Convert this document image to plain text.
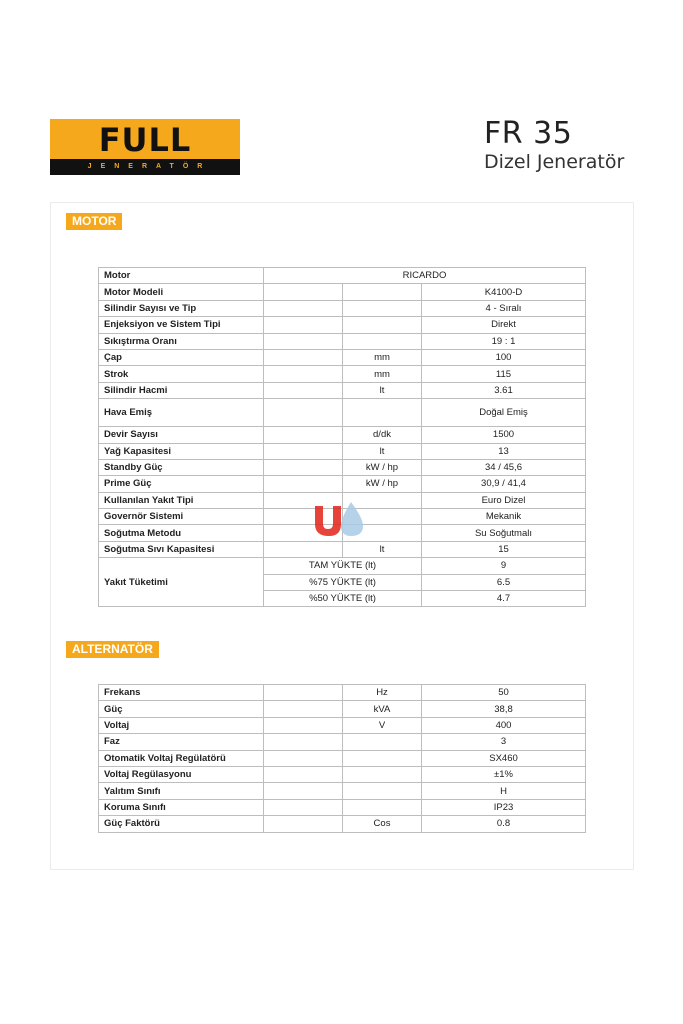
FULL
JENERATÖR
FR 35
Dizel Jeneratör
MOTOR
Motor	RICARDO		
Motor Modeli			K4100-D
Silindir Sayısı ve Tip			4 - Sıralı
Enjeksiyon ve Sistem Tipi			Direkt
Sıkıştırma Oranı			19 : 1
Çap		mm	100
Strok		mm	115
Silindir Hacmi		lt	3.61
Hava Emiş			Doğal Emiş
Devir Sayısı		d/dk	1500
Yağ Kapasitesi		lt	13
Standby Güç		kW / hp	34 / 45,6
Prime Güç		kW / hp	30,9 / 41,4
Kullanılan Yakıt Tipi			Euro Dizel
Governör Sistemi			Mekanik
Soğutma Metodu			Su Soğutmalı
Soğutma Sıvı Kapasitesi		lt	15
Yakıt Tüketimi	TAM YÜKTE (lt)		9
	%75 YÜKTE (lt)		6.5
	%50 YÜKTE (lt)		4.7
ALTERNATÖR
Frekans		Hz	50
Güç		kVA	38,8
Voltaj		V	400
Faz			3
Otomatik Voltaj Regülatörü			SX460
Voltaj Regülasyonu			±1%
Yalıtım Sınıfı			H
Koruma Sınıfı			IP23
Güç Faktörü		Cos	0.8
